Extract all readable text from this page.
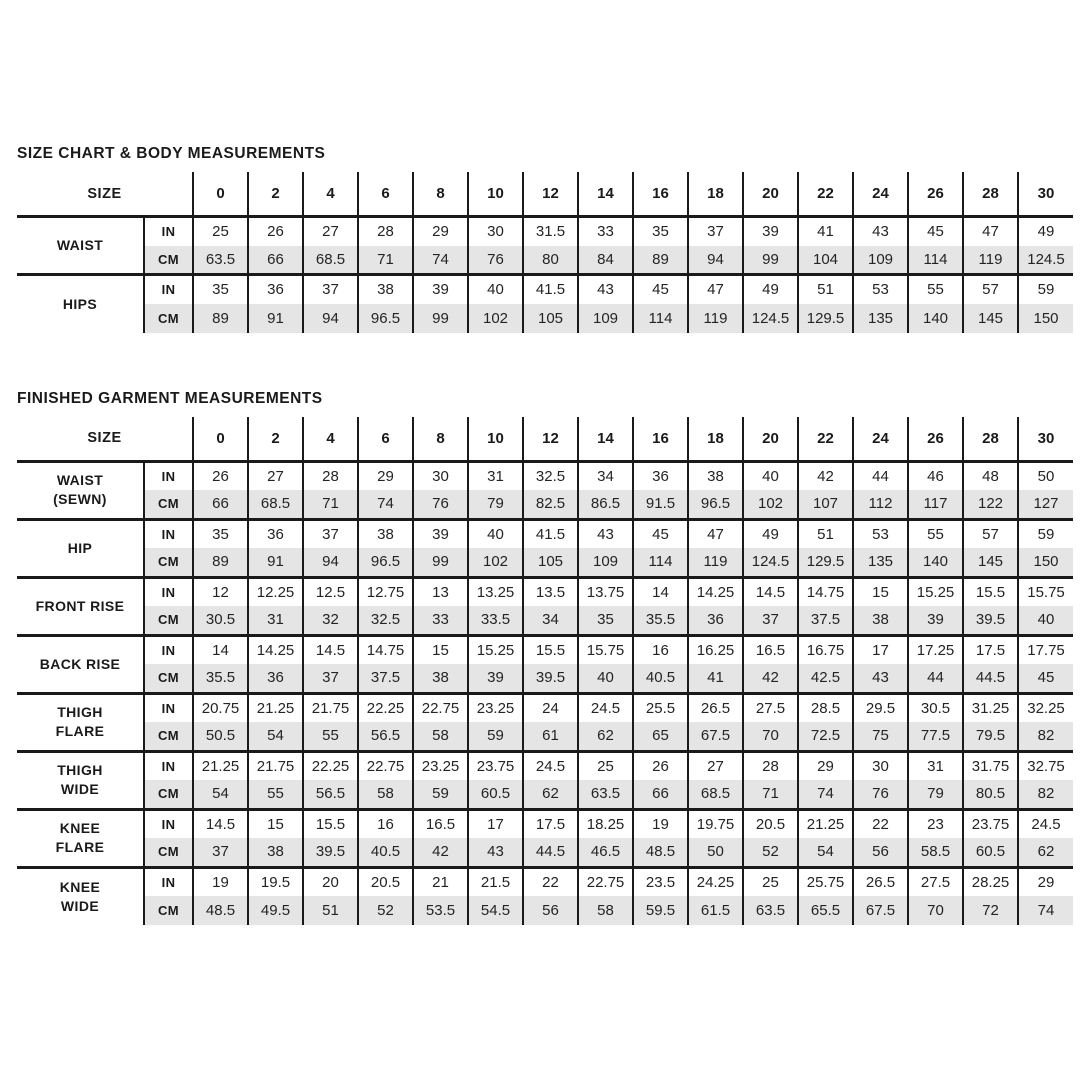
SIZE CHART & BODY MEASUREMENTS
SIZE		0	2	4	6	8	10	12	14	16	18	20	22	24	26	28	30
WAIST	IN	25	26	27	28	29	30	31.5	33	35	37	39	41	43	45	47	49
	CM	63.5	66	68.5	71	74	76	80	84	89	94	99	104	109	114	119	124.5
HIPS	IN	35	36	37	38	39	40	41.5	43	45	47	49	51	53	55	57	59
	CM	89	91	94	96.5	99	102	105	109	114	119	124.5	129.5	135	140	145	150
FINISHED GARMENT MEASUREMENTS
SIZE		0	2	4	6	8	10	12	14	16	18	20	22	24	26	28	30
WAIST
(SEWN)	IN	26	27	28	29	30	31	32.5	34	36	38	40	42	44	46	48	50
	CM	66	68.5	71	74	76	79	82.5	86.5	91.5	96.5	102	107	112	117	122	127
HIP	IN	35	36	37	38	39	40	41.5	43	45	47	49	51	53	55	57	59
	CM	89	91	94	96.5	99	102	105	109	114	119	124.5	129.5	135	140	145	150
FRONT RISE	IN	12	12.25	12.5	12.75	13	13.25	13.5	13.75	14	14.25	14.5	14.75	15	15.25	15.5	15.75
	CM	30.5	31	32	32.5	33	33.5	34	35	35.5	36	37	37.5	38	39	39.5	40
BACK RISE	IN	14	14.25	14.5	14.75	15	15.25	15.5	15.75	16	16.25	16.5	16.75	17	17.25	17.5	17.75
	CM	35.5	36	37	37.5	38	39	39.5	40	40.5	41	42	42.5	43	44	44.5	45
THIGH
FLARE	IN	20.75	21.25	21.75	22.25	22.75	23.25	24	24.5	25.5	26.5	27.5	28.5	29.5	30.5	31.25	32.25
	CM	50.5	54	55	56.5	58	59	61	62	65	67.5	70	72.5	75	77.5	79.5	82
THIGH
WIDE	IN	21.25	21.75	22.25	22.75	23.25	23.75	24.5	25	26	27	28	29	30	31	31.75	32.75
	CM	54	55	56.5	58	59	60.5	62	63.5	66	68.5	71	74	76	79	80.5	82
KNEE
FLARE	IN	14.5	15	15.5	16	16.5	17	17.5	18.25	19	19.75	20.5	21.25	22	23	23.75	24.5
	CM	37	38	39.5	40.5	42	43	44.5	46.5	48.5	50	52	54	56	58.5	60.5	62
KNEE
WIDE	IN	19	19.5	20	20.5	21	21.5	22	22.75	23.5	24.25	25	25.75	26.5	27.5	28.25	29
	CM	48.5	49.5	51	52	53.5	54.5	56	58	59.5	61.5	63.5	65.5	67.5	70	72	74
